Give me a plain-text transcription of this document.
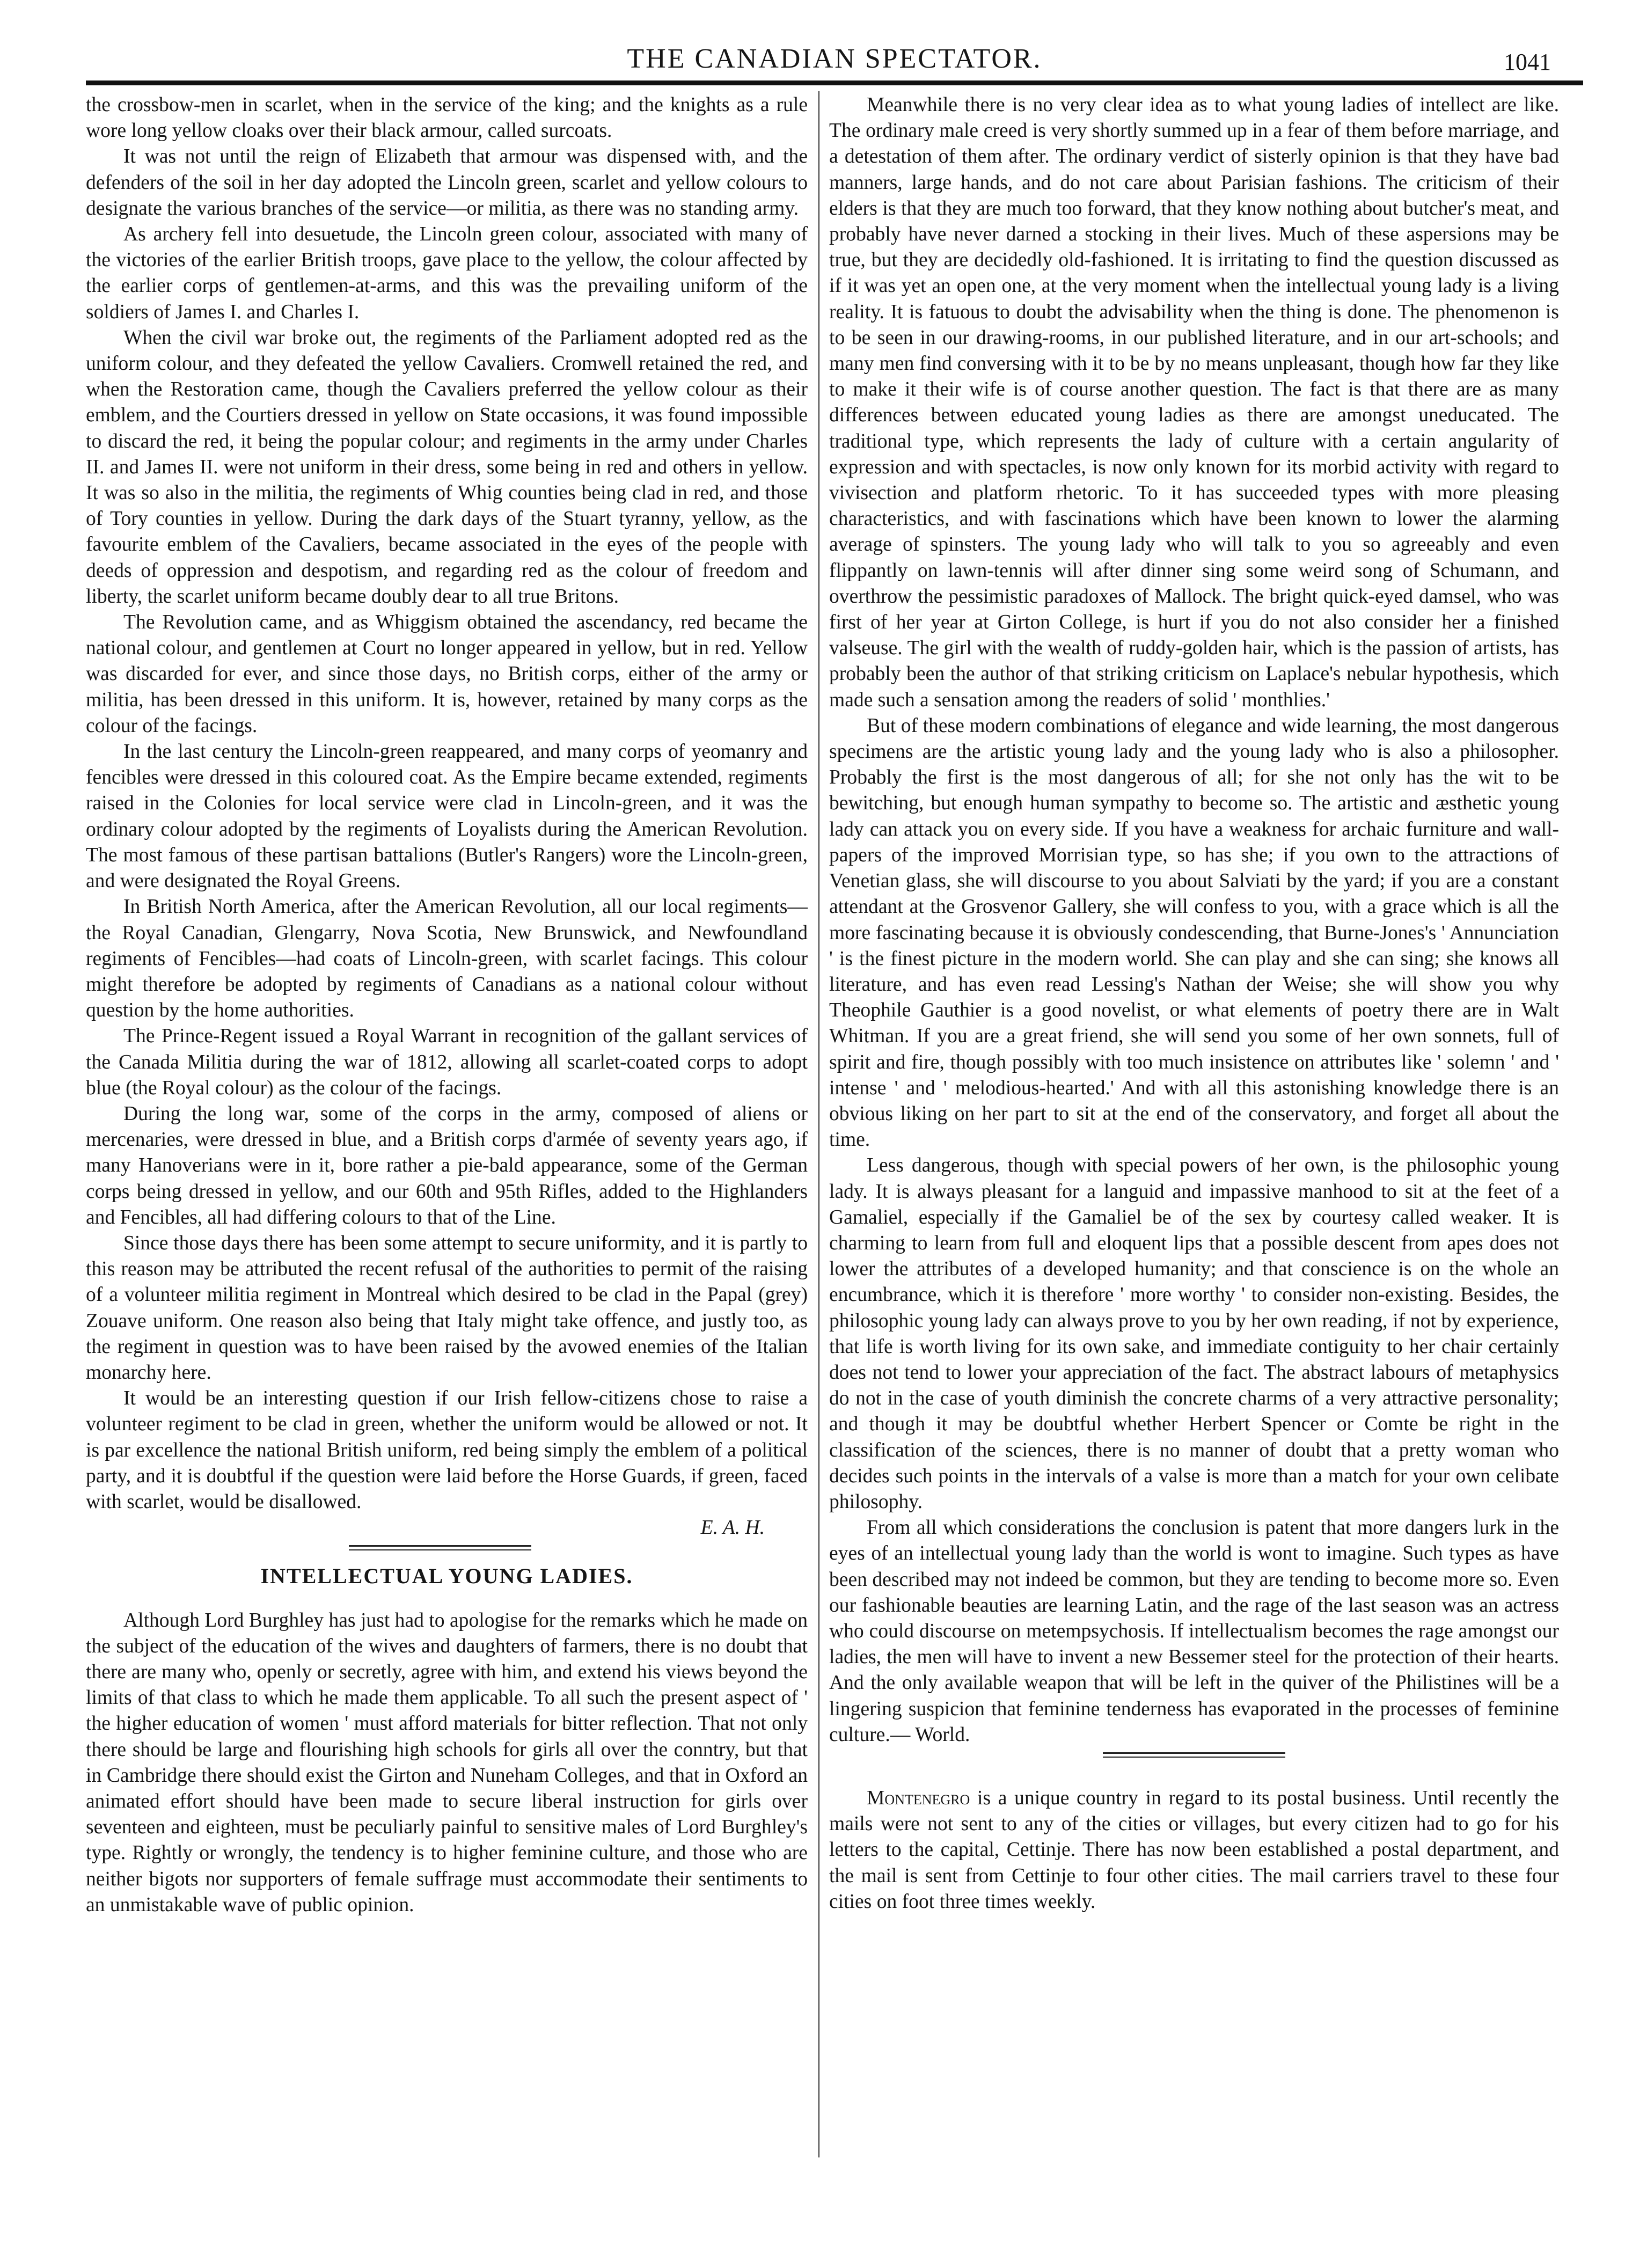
THE CANADIAN SPECTATOR.	1041

the crossbow-men in scarlet, when in the service of the king; and the knights as a rule wore long yellow cloaks over their black armour, called surcoats.

It was not until the reign of Elizabeth that armour was dispensed with, and the defenders of the soil in her day adopted the Lincoln green, scarlet and yellow colours to designate the various branches of the service—or militia, as there was no standing army.

As archery fell into desuetude, the Lincoln green colour, associated with many of the victories of the earlier British troops, gave place to the yellow, the colour affected by the earlier corps of gentlemen-at-arms, and this was the prevailing uniform of the soldiers of James I. and Charles I.

When the civil war broke out, the regiments of the Parliament adopted red as the uniform colour, and they defeated the yellow Cavaliers. Cromwell retained the red, and when the Restoration came, though the Cavaliers preferred the yellow colour as their emblem, and the Courtiers dressed in yellow on State occasions, it was found impossible to discard the red, it being the popular colour; and regiments in the army under Charles II. and James II. were not uniform in their dress, some being in red and others in yellow. It was so also in the militia, the regiments of Whig counties being clad in red, and those of Tory counties in yellow. During the dark days of the Stuart tyranny, yellow, as the favourite emblem of the Cavaliers, became associated in the eyes of the people with deeds of oppression and despotism, and regarding red as the colour of freedom and liberty, the scarlet uniform became doubly dear to all true Britons.

The Revolution came, and as Whiggism obtained the ascendancy, red became the national colour, and gentlemen at Court no longer appeared in yellow, but in red. Yellow was discarded for ever, and since those days, no British corps, either of the army or militia, has been dressed in this uniform. It is, however, retained by many corps as the colour of the facings.

In the last century the Lincoln-green reappeared, and many corps of yeomanry and fencibles were dressed in this coloured coat. As the Empire became extended, regiments raised in the Colonies for local service were clad in Lincoln-green, and it was the ordinary colour adopted by the regiments of Loyalists during the American Revolution. The most famous of these partisan battalions (Butler's Rangers) wore the Lincoln-green, and were designated the Royal Greens.

In British North America, after the American Revolution, all our local regiments—the Royal Canadian, Glengarry, Nova Scotia, New Brunswick, and Newfoundland regiments of Fencibles—had coats of Lincoln-green, with scarlet facings. This colour might therefore be adopted by regiments of Canadians as a national colour without question by the home authorities.

The Prince-Regent issued a Royal Warrant in recognition of the gallant services of the Canada Militia during the war of 1812, allowing all scarlet-coated corps to adopt blue (the Royal colour) as the colour of the facings.

During the long war, some of the corps in the army, composed of aliens or mercenaries, were dressed in blue, and a British corps d'armée of seventy years ago, if many Hanoverians were in it, bore rather a pie-bald appearance, some of the German corps being dressed in yellow, and our 60th and 95th Rifles, added to the Highlanders and Fencibles, all had differing colours to that of the Line.

Since those days there has been some attempt to secure uniformity, and it is partly to this reason may be attributed the recent refusal of the authorities to permit of the raising of a volunteer militia regiment in Montreal which desired to be clad in the Papal (grey) Zouave uniform. One reason also being that Italy might take offence, and justly too, as the regiment in question was to have been raised by the avowed enemies of the Italian monarchy here.

It would be an interesting question if our Irish fellow-citizens chose to raise a volunteer regiment to be clad in green, whether the uniform would be allowed or not. It is par excellence the national British uniform, red being simply the emblem of a political party, and it is doubtful if the question were laid before the Horse Guards, if green, faced with scarlet, would be disallowed.

E. A. H.

INTELLECTUAL YOUNG LADIES.

Although Lord Burghley has just had to apologise for the remarks which he made on the subject of the education of the wives and daughters of farmers, there is no doubt that there are many who, openly or secretly, agree with him, and extend his views beyond the limits of that class to which he made them applicable. To all such the present aspect of ' the higher education of women ' must afford materials for bitter reflection. That not only there should be large and flourishing high schools for girls all over the conntry, but that in Cambridge there should exist the Girton and Nuneham Colleges, and that in Oxford an animated effort should have been made to secure liberal instruction for girls over seventeen and eighteen, must be peculiarly painful to sensitive males of Lord Burghley's type. Rightly or wrongly, the tendency is to higher feminine culture, and those who are neither bigots nor supporters of female suffrage must accommodate their sentiments to an unmistakable wave of public opinion.

Meanwhile there is no very clear idea as to what young ladies of intellect are like. The ordinary male creed is very shortly summed up in a fear of them before marriage, and a detestation of them after. The ordinary verdict of sisterly opinion is that they have bad manners, large hands, and do not care about Parisian fashions. The criticism of their elders is that they are much too forward, that they know nothing about butcher's meat, and probably have never darned a stocking in their lives. Much of these aspersions may be true, but they are decidedly old-fashioned. It is irritating to find the question discussed as if it was yet an open one, at the very moment when the intellectual young lady is a living reality. It is fatuous to doubt the advisability when the thing is done. The phenomenon is to be seen in our drawing-rooms, in our published literature, and in our art-schools; and many men find conversing with it to be by no means unpleasant, though how far they like to make it their wife is of course another question. The fact is that there are as many differences between educated young ladies as there are amongst uneducated. The traditional type, which represents the lady of culture with a certain angularity of expression and with spectacles, is now only known for its morbid activity with regard to vivisection and platform rhetoric. To it has succeeded types with more pleasing characteristics, and with fascinations which have been known to lower the alarming average of spinsters. The young lady who will talk to you so agreeably and even flippantly on lawn-tennis will after dinner sing some weird song of Schumann, and overthrow the pessimistic paradoxes of Mallock. The bright quick-eyed damsel, who was first of her year at Girton College, is hurt if you do not also consider her a finished valseuse. The girl with the wealth of ruddy-golden hair, which is the passion of artists, has probably been the author of that striking criticism on Laplace's nebular hypothesis, which made such a sensation among the readers of solid ' monthlies.'

But of these modern combinations of elegance and wide learning, the most dangerous specimens are the artistic young lady and the young lady who is also a philosopher. Probably the first is the most dangerous of all; for she not only has the wit to be bewitching, but enough human sympathy to become so. The artistic and æsthetic young lady can attack you on every side. If you have a weakness for archaic furniture and wall-papers of the improved Morrisian type, so has she; if you own to the attractions of Venetian glass, she will discourse to you about Salviati by the yard; if you are a constant attendant at the Grosvenor Gallery, she will confess to you, with a grace which is all the more fascinating because it is obviously condescending, that Burne-Jones's ' Annunciation ' is the finest picture in the modern world. She can play and she can sing; she knows all literature, and has even read Lessing's Nathan der Weise; she will show you why Theophile Gauthier is a good novelist, or what elements of poetry there are in Walt Whitman. If you are a great friend, she will send you some of her own sonnets, full of spirit and fire, though possibly with too much insistence on attributes like ' solemn ' and ' intense ' and ' melodious-hearted.' And with all this astonishing knowledge there is an obvious liking on her part to sit at the end of the conservatory, and forget all about the time.

Less dangerous, though with special powers of her own, is the philosophic young lady. It is always pleasant for a languid and impassive manhood to sit at the feet of a Gamaliel, especially if the Gamaliel be of the sex by courtesy called weaker. It is charming to learn from full and eloquent lips that a possible descent from apes does not lower the attributes of a developed humanity; and that conscience is on the whole an encumbrance, which it is therefore ' more worthy ' to consider non-existing. Besides, the philosophic young lady can always prove to you by her own reading, if not by experience, that life is worth living for its own sake, and immediate contiguity to her chair certainly does not tend to lower your appreciation of the fact. The abstract labours of metaphysics do not in the case of youth diminish the concrete charms of a very attractive personality; and though it may be doubtful whether Herbert Spencer or Comte be right in the classification of the sciences, there is no manner of doubt that a pretty woman who decides such points in the intervals of a valse is more than a match for your own celibate philosophy.

From all which considerations the conclusion is patent that more dangers lurk in the eyes of an intellectual young lady than the world is wont to imagine. Such types as have been described may not indeed be common, but they are tending to become more so. Even our fashionable beauties are learning Latin, and the rage of the last season was an actress who could discourse on metempsychosis. If intellectualism becomes the rage amongst our ladies, the men will have to invent a new Bessemer steel for the protection of their hearts. And the only available weapon that will be left in the quiver of the Philistines will be a lingering suspicion that feminine tenderness has evaporated in the processes of feminine culture.— World.

Montenegro is a unique country in regard to its postal business. Until recently the mails were not sent to any of the cities or villages, but every citizen had to go for his letters to the capital, Cettinje. There has now been established a postal department, and the mail is sent from Cettinje to four other cities. The mail carriers travel to these four cities on foot three times weekly.
